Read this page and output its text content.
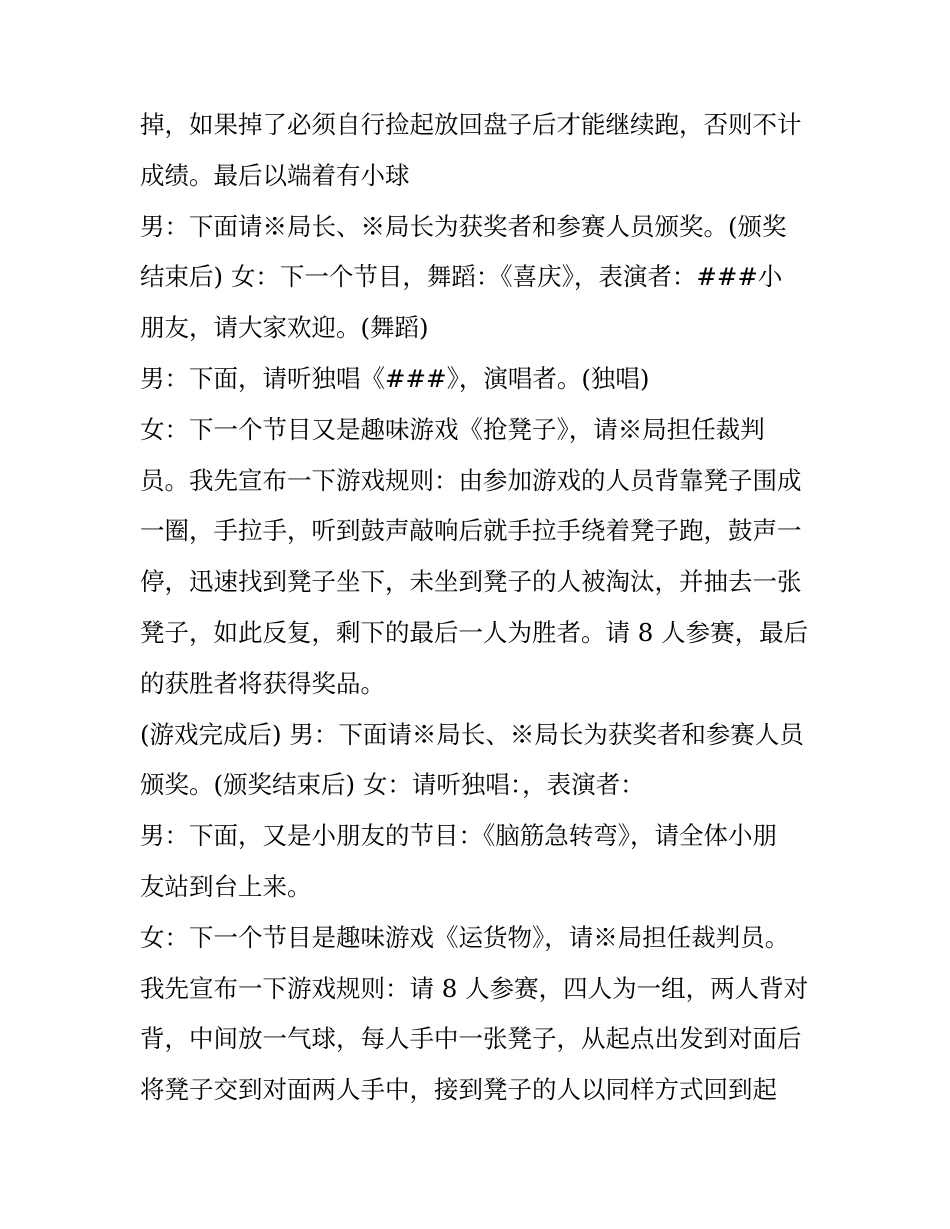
掉，如果掉了必须自行捡起放回盘子后才能继续跑，否则不计
成绩。最后以端着有小球
男：下面请※局长、※局长为获奖者和参赛人员颁奖。(颁奖
结束后) 女：下一个节目，舞蹈：《喜庆》，表演者：###小
朋友，请大家欢迎。(舞蹈)
男：下面，请听独唱《###》，演唱者。(独唱)
女：下一个节目又是趣味游戏《抢凳子》，请※局担任裁判
员。我先宣布一下游戏规则：由参加游戏的人员背靠凳子围成
一圈，手拉手，听到鼓声敲响后就手拉手绕着凳子跑，鼓声一
停，迅速找到凳子坐下，未坐到凳子的人被淘汰，并抽去一张
凳子，如此反复，剩下的最后一人为胜者。请 8 人参赛，最后
的获胜者将获得奖品。
(游戏完成后) 男：下面请※局长、※局长为获奖者和参赛人员
颁奖。(颁奖结束后) 女：请听独唱：，表演者：
男：下面，又是小朋友的节目：《脑筋急转弯》，请全体小朋
友站到台上来。
女：下一个节目是趣味游戏《运货物》，请※局担任裁判员。
我先宣布一下游戏规则：请 8 人参赛，四人为一组，两人背对
背，中间放一气球，每人手中一张凳子，从起点出发到对面后
将凳子交到对面两人手中，接到凳子的人以同样方式回到起
